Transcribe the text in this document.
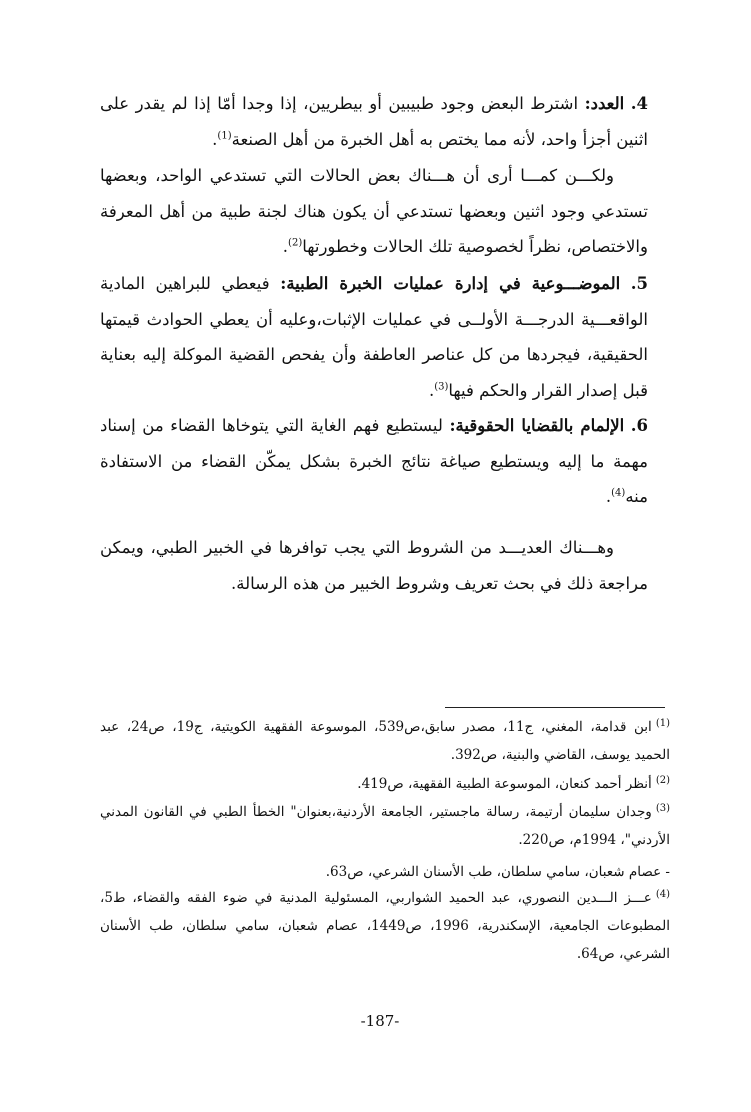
4. العدد: اشترط البعض وجود طبيبين أو بيطريين، إذا وجدا أمّا إذا لم يقدر على اثنين أجزأ واحد، لأنه مما يختص به أهل الخبرة من أهل الصنعة$^{(1)}$.

ولكـــن كمـــا أرى أن هـــناك بعض الحالات التي تستدعي الواحد، وبعضها تستدعي وجود اثنين وبعضها تستدعي أن يكون هناك لجنة طبية من أهل المعرفة والاختصاص، نظراً لخصوصية تلك الحالات وخطورتها$^{(2)}$.

5. الموضـــوعية في إدارة عمليات الخبرة الطبية: فيعطي للبراهين المادية الواقعـــية الدرجـــة الأولــى في عمليات الإثبات،وعليه أن يعطي الحوادث قيمتها الحقيقية، فيجردها من كل عناصر العاطفة وأن يفحص القضية الموكلة إليه بعناية قبل إصدار القرار والحكم فيها$^{(3)}$.

6. الإلمام بالقضايا الحقوقية: ليستطيع فهم الغاية التي يتوخاها القضاء من إسناد مهمة ما إليه ويستطيع صياغة نتائج الخبرة بشكل يمكّن القضاء من الاستفادة منه$^{(4)}$.

وهـــناك العديـــد من الشروط التي يجب توافرها في الخبير الطبي، ويمكن مراجعة ذلك في بحث تعريف وشروط الخبير من هذه الرسالة.

$^{(1)}$ابن قدامة، المغني، ج11، مصدر سابق،ص539، الموسوعة الفقهية الكويتية، ج19، ص24، عبد الحميد يوسف، القاضي والبنية، ص392.

$^{(2)}$أنظر أحمد كنعان، الموسوعة الطبية الفقهية، ص419.

$^{(3)}$وجدان سليمان أرتيمة، رسالة ماجستير، الجامعة الأردنية،بعنوان" الخطأ الطبي في القانون المدني الأردني"، 1994م، ص220.

- عصام شعبان، سامي سلطان، طب الأسنان الشرعي، ص63.

$^{(4)}$عـــز الـــدين النصوري، عبد الحميد الشواربي، المسئولية المدنية في ضوء الفقه والقضاء، ط5، المطبوعات الجامعية، الإسكندرية، 1996، ص1449، عصام شعبان، سامي سلطان، طب الأسنان الشرعي، ص64.

-187-
